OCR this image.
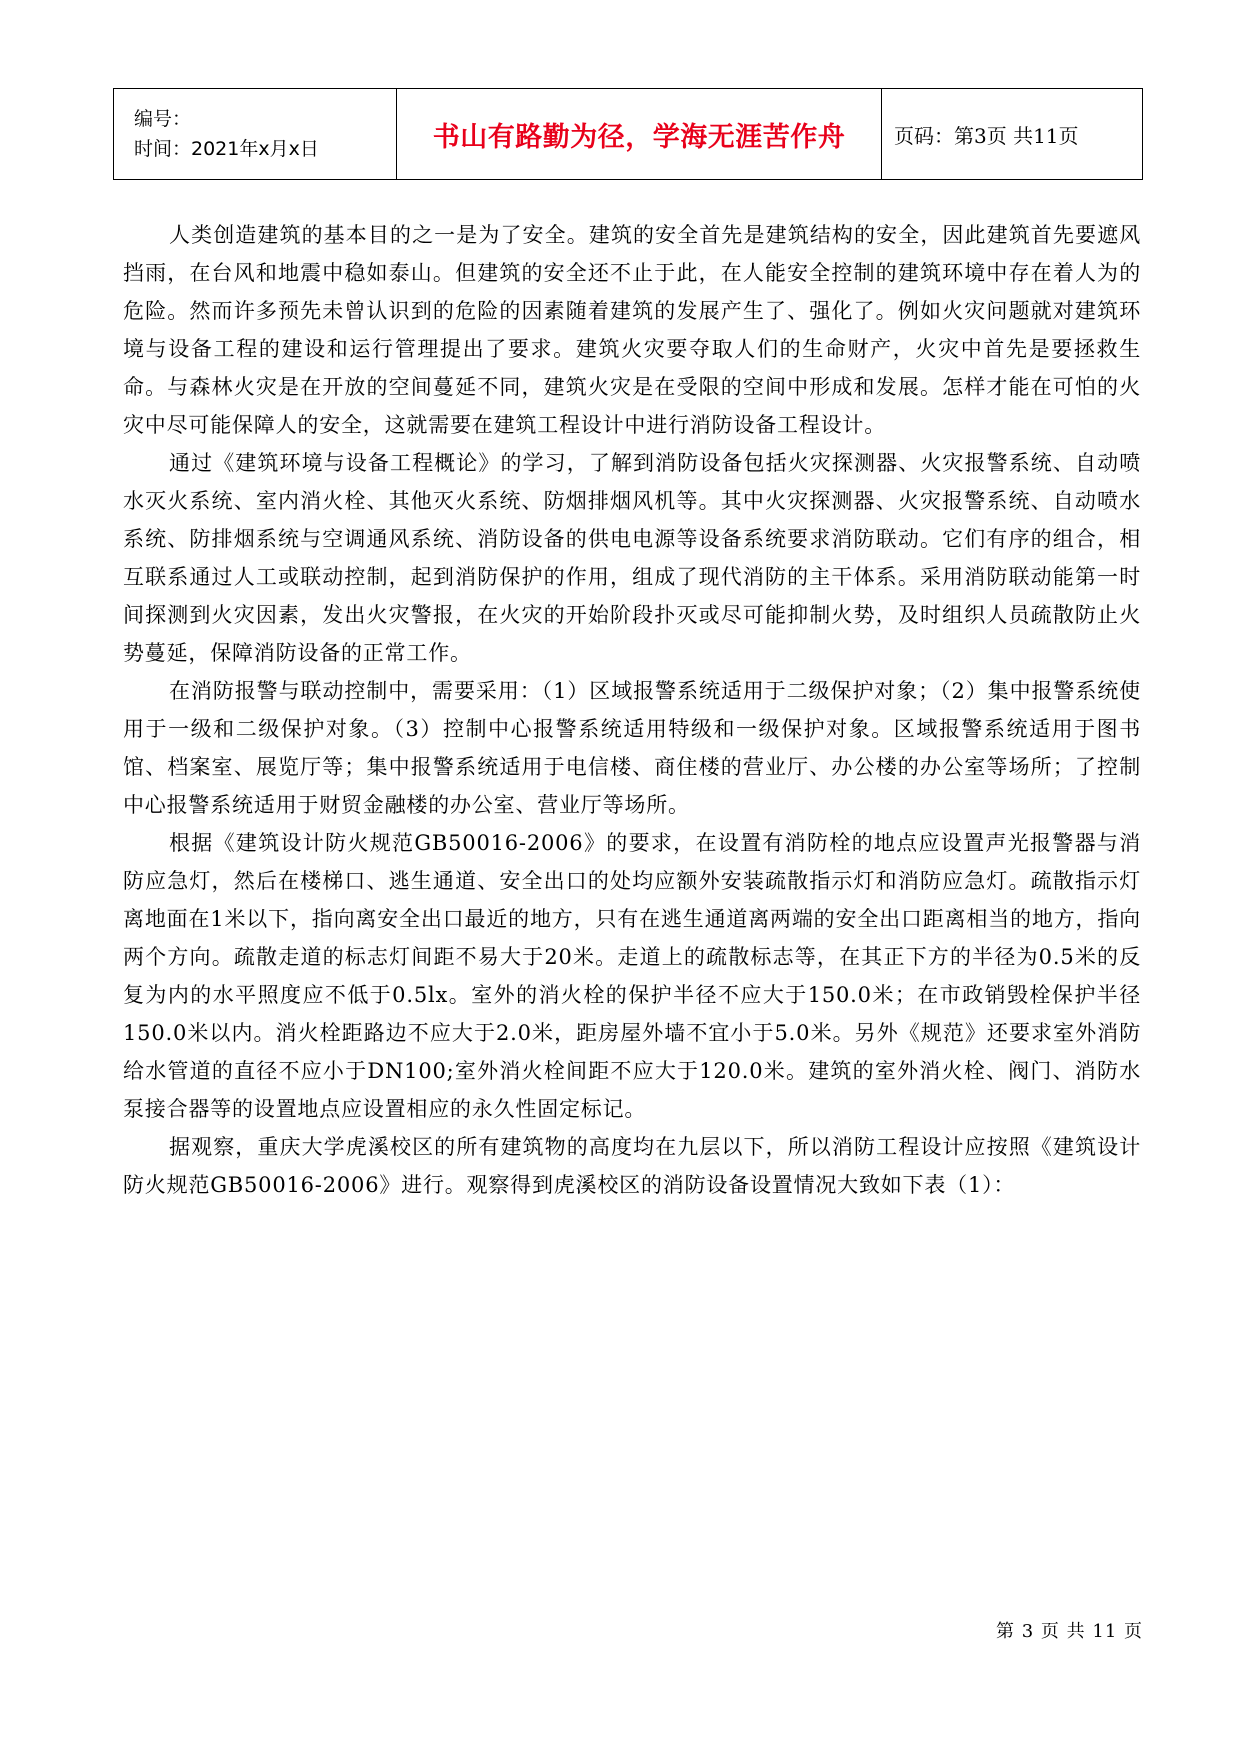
编号：
时间：2021年x月x日	书山有路勤为径，学海无涯苦作舟	页码：第3页 共11页

人类创造建筑的基本目的之一是为了安全。建筑的安全首先是建筑结构的安全，因此建筑首先要遮风挡雨，在台风和地震中稳如泰山。但建筑的安全还不止于此，在人能安全控制的建筑环境中存在着人为的危险。然而许多预先未曾认识到的危险的因素随着建筑的发展产生了、强化了。例如火灾问题就对建筑环境与设备工程的建设和运行管理提出了要求。建筑火灾要夺取人们的生命财产，火灾中首先是要拯救生命。与森林火灾是在开放的空间蔓延不同，建筑火灾是在受限的空间中形成和发展。怎样才能在可怕的火灾中尽可能保障人的安全，这就需要在建筑工程设计中进行消防设备工程设计。

通过《建筑环境与设备工程概论》的学习，了解到消防设备包括火灾探测器、火灾报警系统、自动喷水灭火系统、室内消火栓、其他灭火系统、防烟排烟风机等。其中火灾探测器、火灾报警系统、自动喷水系统、防排烟系统与空调通风系统、消防设备的供电电源等设备系统要求消防联动。它们有序的组合，相互联系通过人工或联动控制，起到消防保护的作用，组成了现代消防的主干体系。采用消防联动能第一时间探测到火灾因素，发出火灾警报，在火灾的开始阶段扑灭或尽可能抑制火势，及时组织人员疏散防止火势蔓延，保障消防设备的正常工作。

在消防报警与联动控制中，需要采用：（1）区域报警系统适用于二级保护对象；（2）集中报警系统使用于一级和二级保护对象。（3）控制中心报警系统适用特级和一级保护对象。区域报警系统适用于图书馆、档案室、展览厅等；集中报警系统适用于电信楼、商住楼的营业厅、办公楼的办公室等场所；了控制中心报警系统适用于财贸金融楼的办公室、营业厅等场所。

根据《建筑设计防火规范GB50016-2006》的要求，在设置有消防栓的地点应设置声光报警器与消防应急灯，然后在楼梯口、逃生通道、安全出口的处均应额外安装疏散指示灯和消防应急灯。疏散指示灯离地面在1米以下，指向离安全出口最近的地方，只有在逃生通道离两端的安全出口距离相当的地方，指向两个方向。疏散走道的标志灯间距不易大于20米。走道上的疏散标志等，在其正下方的半径为0.5米的反复为内的水平照度应不低于0.5lx。室外的消火栓的保护半径不应大于150.0米；在市政销毁栓保护半径150.0米以内。消火栓距路边不应大于2.0米，距房屋外墙不宜小于5.0米。另外《规范》还要求室外消防给水管道的直径不应小于DN100;室外消火栓间距不应大于120.0米。建筑的室外消火栓、阀门、消防水泵接合器等的设置地点应设置相应的永久性固定标记。

据观察，重庆大学虎溪校区的所有建筑物的高度均在九层以下，所以消防工程设计应按照《建筑设计防火规范GB50016-2006》进行。观察得到虎溪校区的消防设备设置情况大致如下表（1）：

第 3 页 共 11 页
